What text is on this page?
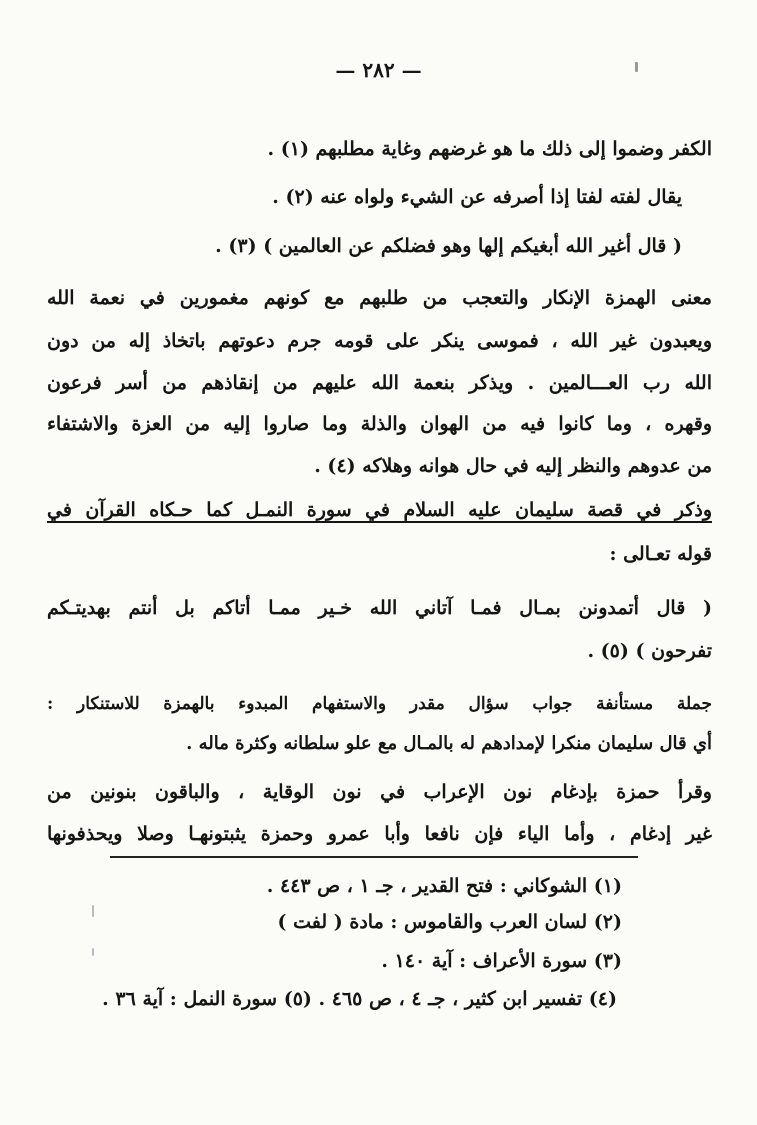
— ٢٨٢ —
الكفر وضموا إلى ذلك ما هو غرضهم وغاية مطلبهم (١) .
يقال لفته لفتا إذا أصرفه عن الشيء ولواه عنه (٢) .
( قال أغير الله أبغيكم إلها وهو فضلكم عن العالمين ) (٣) .
معنى الهمزة الإنكار والتعجب من طلبهم مع كونهم مغمورين في نعمة الله
ويعبدون غير الله ، فموسى ينكر على قومه جرم دعوتهم باتخاذ إله من دون
الله رب العـــالمين . ويذكر بنعمة الله عليهم من إنقاذهم من أسر فرعون
وقهره ، وما كانوا فيه من الهوان والذلة وما صاروا إليه من العزة والاشتفاء
من عدوهم والنظر إليه في حال هوانه وهلاكه (٤) .
وذكر في قصة سليمان عليه السلام في سورة النمـل كما حـكاه القرآن في
قوله تعـالى :
( قال أتمدونن بمـال فمـا آتاني الله خـير ممـا أتاكم بل أنتم بهديتـكم
تفرحون ) (٥) .
جملة مستأنفة جواب سؤال مقدر والاستفهام المبدوء بالهمزة للاستنكار :
أي قال سليمان منكرا لإمدادهم له بالمـال مع علو سلطانه وكثرة ماله .
وقرأ حمزة بإدغام نون الإعراب في نون الوقاية ، والباقون بنونين من
غير إدغام ، وأما الياء فإن نافعا وأبا عمرو وحمزة يثبتونهـا وصلا ويحذفونها
(١) الشوكاني : فتح القدير ، جـ ١ ، ص ٤٤٣ .
(٢) لسان العرب والقاموس : مادة ( لفت )
(٣) سورة الأعراف : آية ١٤٠ .
(٤) تفسير ابن كثير ، جـ ٤ ، ص ٤٦٥ . (٥) سورة النمل : آية ٣٦ .
